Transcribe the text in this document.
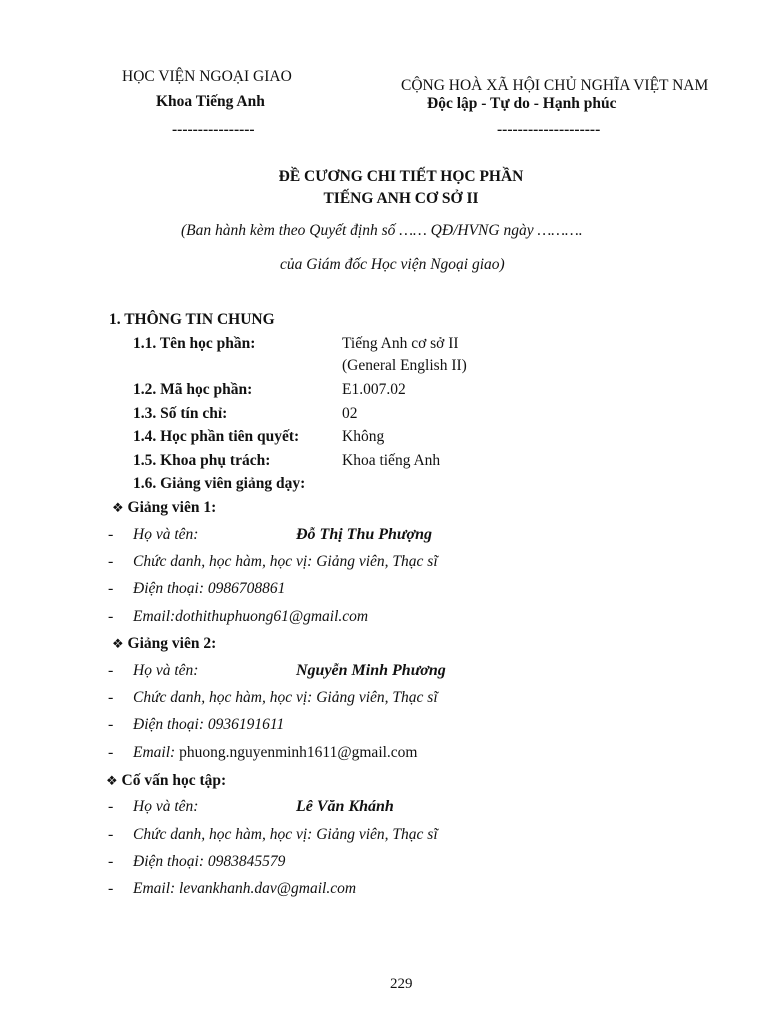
HỌC VIỆN NGOẠI GIAO
Khoa Tiếng Anh
----------------
CỘNG HOÀ XÃ HỘI CHỦ NGHĨA VIỆT NAM
Độc lập - Tự do - Hạnh phúc
--------------------
ĐỀ CƯƠNG CHI TIẾT HỌC PHẦN
TIẾNG ANH CƠ SỞ II
(Ban hành kèm theo Quyết định số …… QĐ/HVNG ngày ……….
của Giám đốc Học viện Ngoại giao)
1. THÔNG TIN CHUNG
1.1. Tên học phần:	Tiếng Anh cơ sở II
(General English II)
1.2. Mã học phần:	E1.007.02
1.3. Số tín chỉ:	02
1.4. Học phần tiên quyết:	Không
1.5. Khoa phụ trách:	Khoa tiếng Anh
1.6. Giảng viên giảng dạy:
❖ Giảng viên 1:
- Họ và tên:	Đỗ Thị Thu Phượng
- Chức danh, học hàm, học vị: Giảng viên, Thạc sĩ
- Điện thoại: 0986708861
- Email:dothithuphuong61@gmail.com
❖ Giảng viên 2:
- Họ và tên:	Nguyễn Minh Phương
- Chức danh, học hàm, học vị: Giảng viên, Thạc sĩ
- Điện thoại: 0936191611
- Email: phuong.nguyenminh1611@gmail.com
❖ Cố vấn học tập:
- Họ và tên:	Lê Văn Khánh
- Chức danh, học hàm, học vị: Giảng viên, Thạc sĩ
- Điện thoại: 0983845579
- Email: levankhanh.dav@gmail.com
229
